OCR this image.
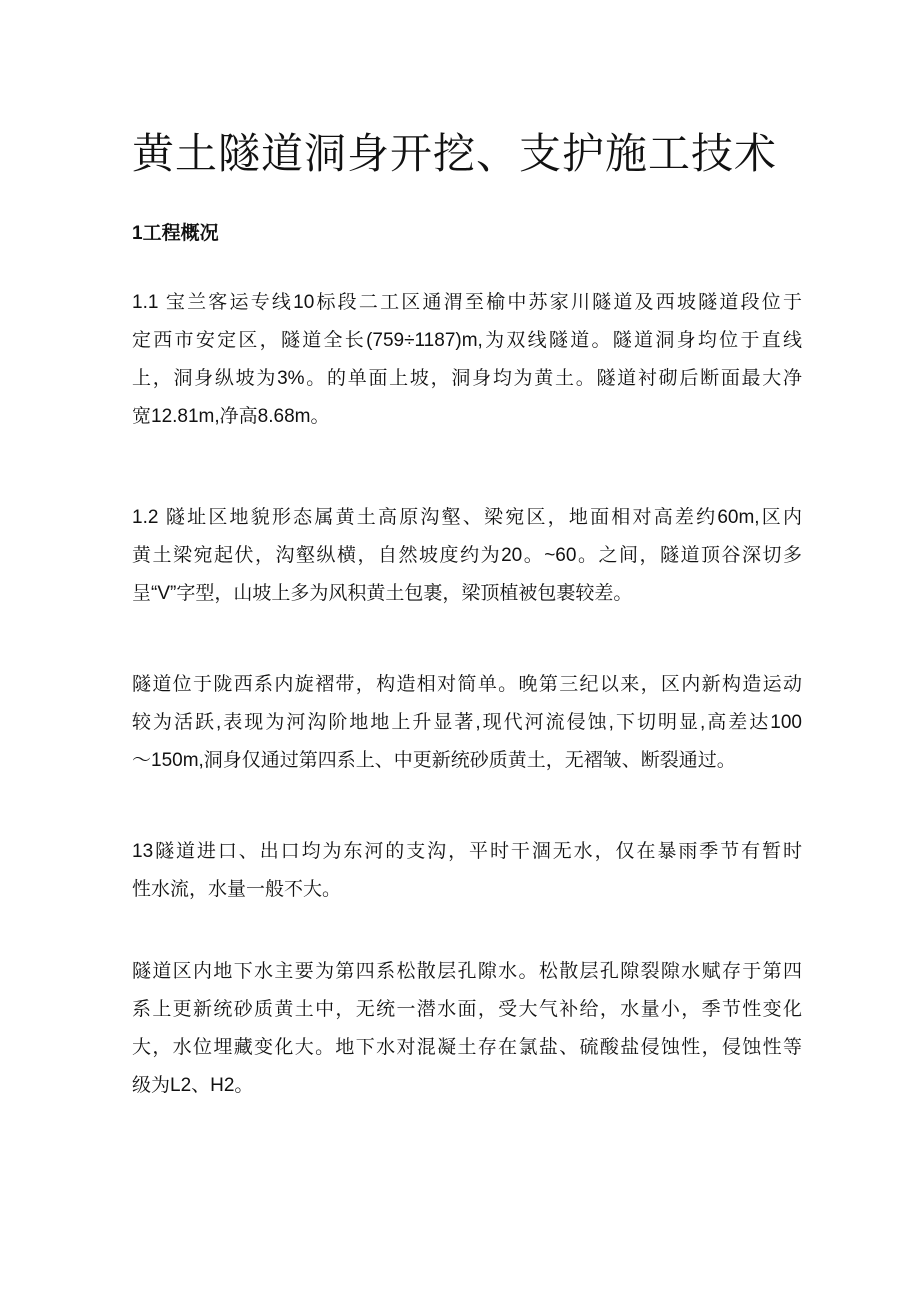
黄土隧道洞身开挖、支护施工技术
1工程概况

1.1 宝兰客运专线10标段二工区通渭至榆中苏家川隧道及西坡隧道段位于
定西市安定区，隧道全长(759÷1187)m,为双线隧道。隧道洞身均位于直线
上，洞身纵坡为3%。的单面上坡，洞身均为黄土。隧道衬砌后断面最大净
宽12.81m,净高8.68m。

1.2 隧址区地貌形态属黄土高原沟壑、梁宛区，地面相对高差约60m,区内
黄土梁宛起伏，沟壑纵横，自然坡度约为20。~60。之间，隧道顶谷深切多
呈“V”字型，山坡上多为风积黄土包裹，梁顶植被包裹较差。

隧道位于陇西系内旋褶带，构造相对简单。晚第三纪以来，区内新构造运动
较为活跃,表现为河沟阶地地上升显著,现代河流侵蚀,下切明显,高差达100
～150m,洞身仅通过第四系上、中更新统砂质黄土，无褶皱、断裂通过。

13隧道进口、出口均为东河的支沟，平时干涸无水，仅在暴雨季节有暂时
性水流，水量一般不大。

隧道区内地下水主要为第四系松散层孔隙水。松散层孔隙裂隙水赋存于第四
系上更新统砂质黄土中，无统一潜水面，受大气补给，水量小，季节性变化
大，水位埋藏变化大。地下水对混凝土存在氯盐、硫酸盐侵蚀性，侵蚀性等
级为L2、H2。
